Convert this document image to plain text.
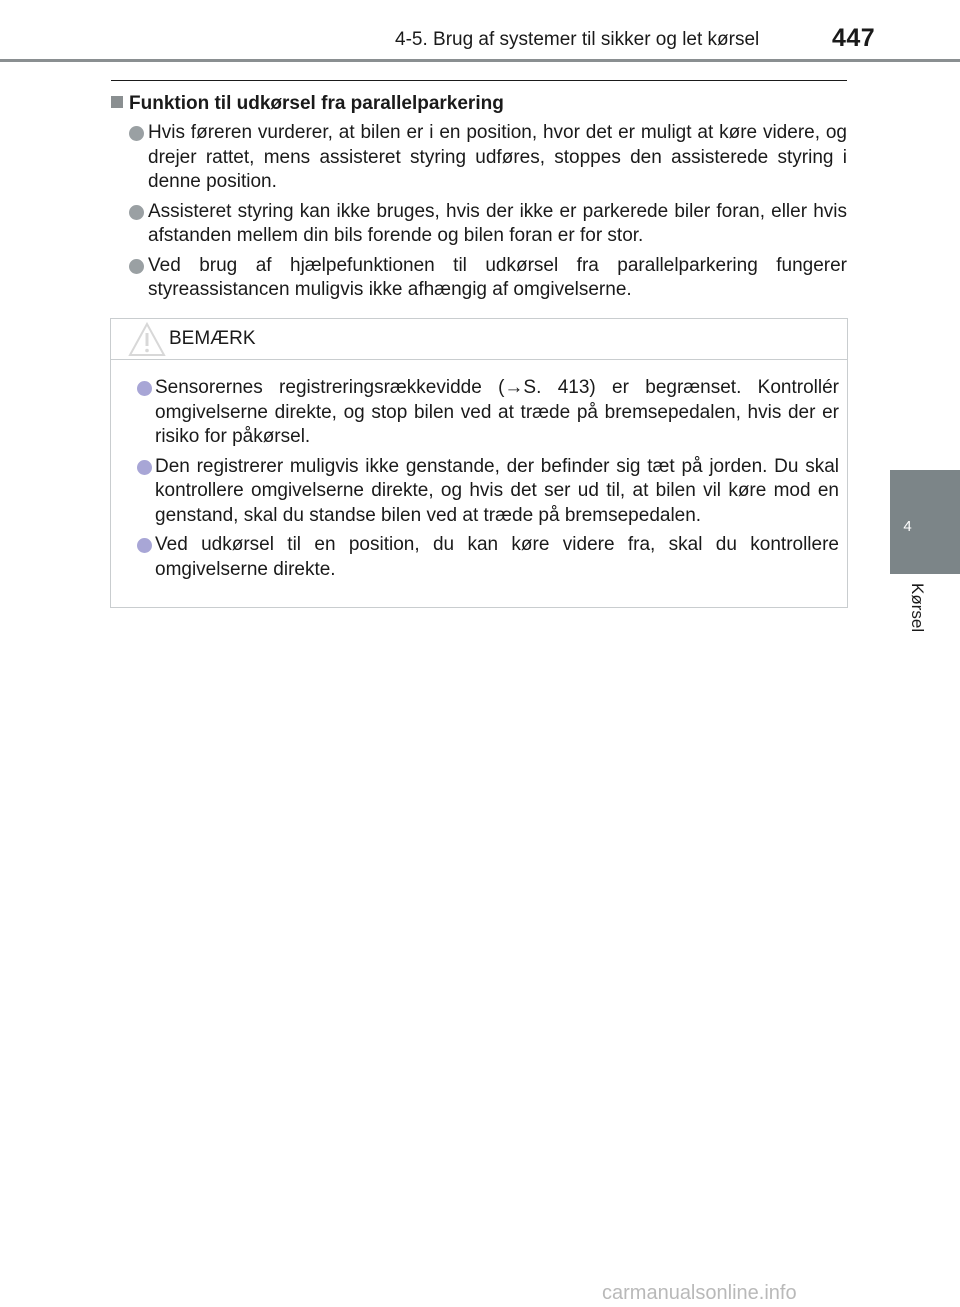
4-5. Brug af systemer til sikker og let kørsel	447
4
Kørsel
Funktion til udkørsel fra parallelparkering
Hvis føreren vurderer, at bilen er i en position, hvor det er muligt at køre videre, og drejer rattet, mens assisteret styring udføres, stoppes den assisterede styring i denne position.
Assisteret styring kan ikke bruges, hvis der ikke er parkerede biler foran, eller hvis afstanden mellem din bils forende og bilen foran er for stor.
Ved brug af hjælpefunktionen til udkørsel fra parallelparkering fungerer styreassistancen muligvis ikke afhængig af omgivelserne.
BEMÆRK
Sensorernes registreringsrækkevidde (→S. 413) er begrænset. Kontrollér omgivelserne direkte, og stop bilen ved at træde på bremsepedalen, hvis der er risiko for påkørsel.
Den registrerer muligvis ikke genstande, der befinder sig tæt på jorden. Du skal kontrollere omgivelserne direkte, og hvis det ser ud til, at bilen vil køre mod en genstand, skal du standse bilen ved at træde på bremsepedalen.
Ved udkørsel til en position, du kan køre videre fra, skal du kontrollere omgivelserne direkte.
carmanualsonline.info
